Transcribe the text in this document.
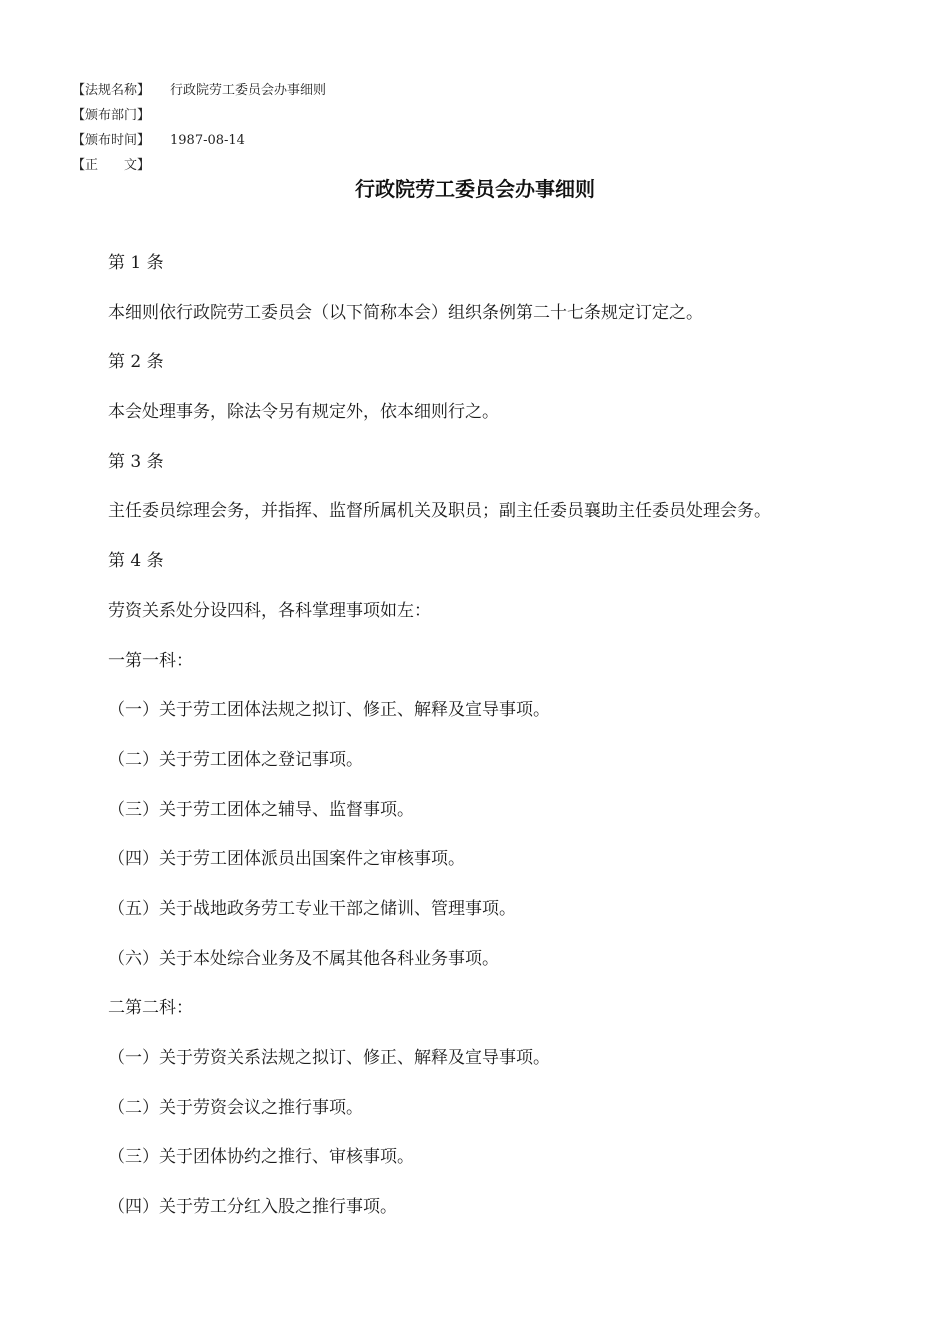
【法规名称】	行政院劳工委员会办事细则
【颁布部门】
【颁布时间】	1987-08-14
【正　　文】
行政院劳工委员会办事细则
第 1 条
本细则依行政院劳工委员会（以下简称本会）组织条例第二十七条规定订定之。
第 2 条
本会处理事务，除法令另有规定外，依本细则行之。
第 3 条
主任委员综理会务，并指挥、监督所属机关及职员；副主任委员襄助主任委员处理会务。
第 4 条
劳资关系处分设四科，各科掌理事项如左：
一第一科：
（一）关于劳工团体法规之拟订、修正、解释及宣导事项。
（二）关于劳工团体之登记事项。
（三）关于劳工团体之辅导、监督事项。
（四）关于劳工团体派员出国案件之审核事项。
（五）关于战地政务劳工专业干部之储训、管理事项。
（六）关于本处综合业务及不属其他各科业务事项。
二第二科：
（一）关于劳资关系法规之拟订、修正、解释及宣导事项。
（二）关于劳资会议之推行事项。
（三）关于团体协约之推行、审核事项。
（四）关于劳工分红入股之推行事项。
